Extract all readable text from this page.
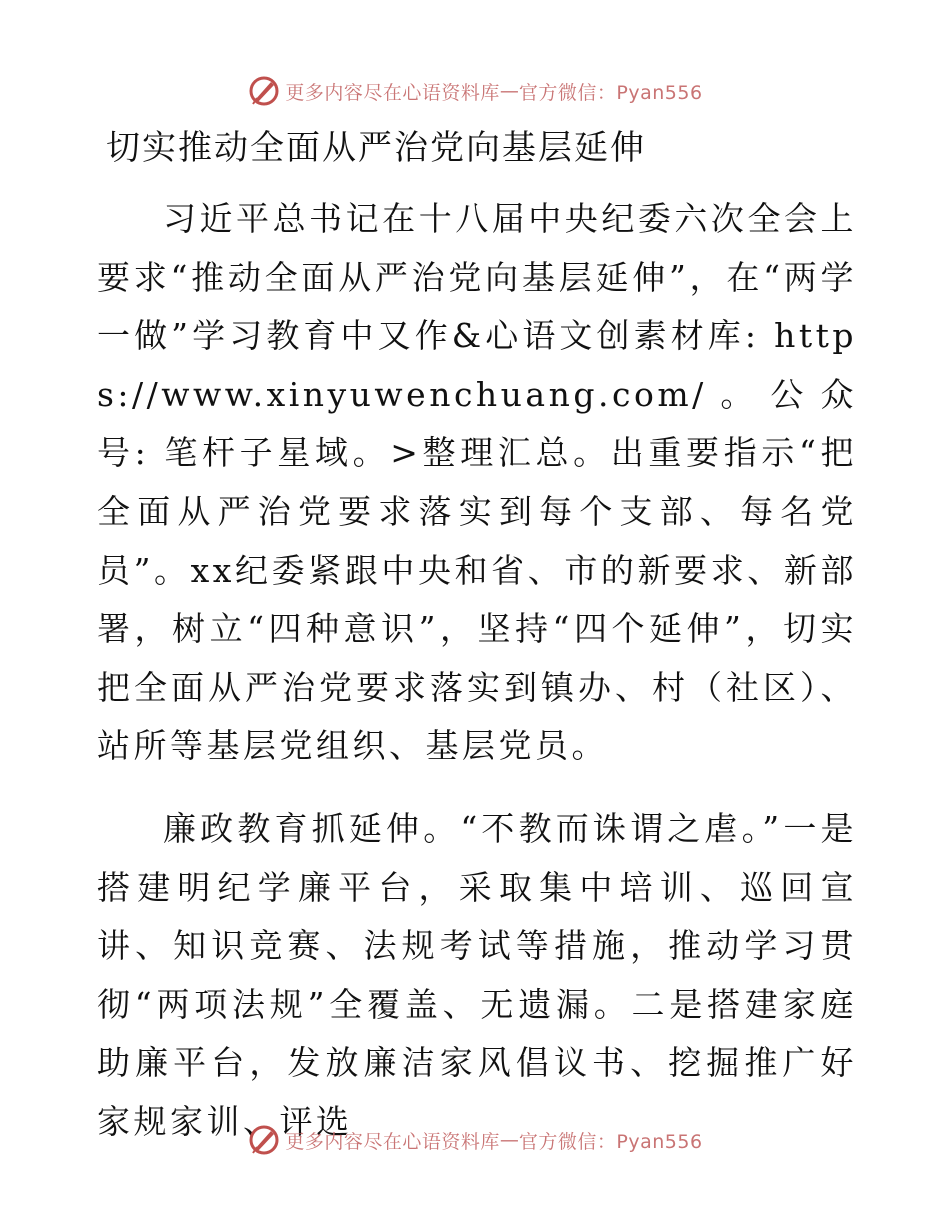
更多内容尽在心语资料库 — 官方微信：Pyan556
切实推动全面从严治党向基层延伸

习近平总书记在十八届中央纪委六次全会上要求“推动全面从严治党向基层延伸”，在“两学一做”学习教育中又作&心语文创素材库: https://www.xinyuwenchuang.com/。公众号: 笔杆子星域。>整理汇总。出重要指示“把全面从严治党要求落实到每个支部、每名党员”。xx纪委紧跟中央和省、市的新要求、新部署，树立“四种意识”，坚持“四个延伸”，切实把全面从严治党要求落实到镇办、村（社区）、站所等基层党组织、基层党员。

廉政教育抓延伸。“不教而诛谓之虐。”一是搭建明纪学廉平台，采取集中培训、巡回宣讲、知识竞赛、法规考试等措施，推动学习贯彻“两项法规”全覆盖、无遗漏。二是搭建家庭助廉平台，发放廉洁家风倡议书、挖掘推广好家规家训、评选

更多内容尽在心语资料库 — 官方微信：Pyan556
